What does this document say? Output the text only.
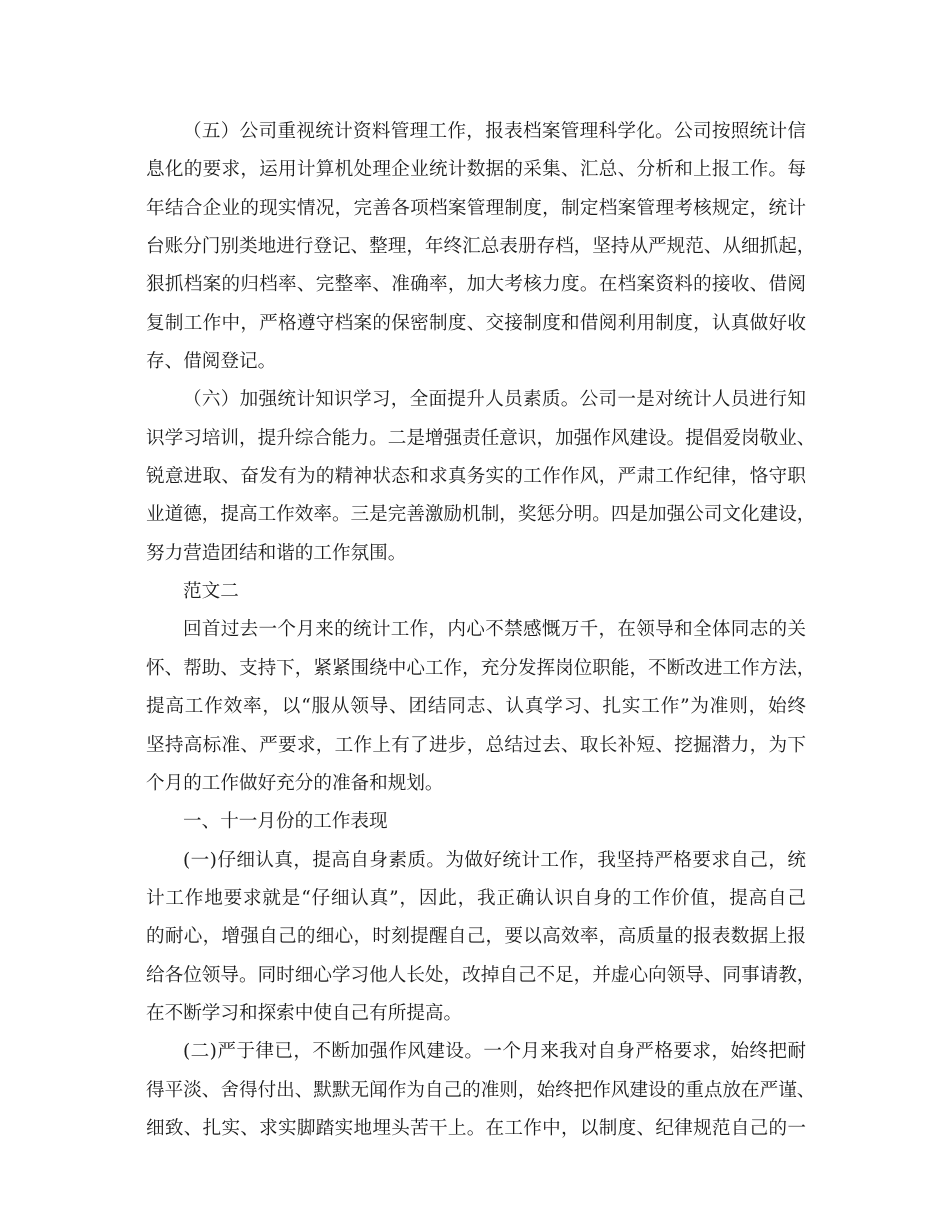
（五）公司重视统计资料管理工作，报表档案管理科学化。公司按照统计信
息化的要求，运用计算机处理企业统计数据的采集、汇总、分析和上报工作。每
年结合企业的现实情况，完善各项档案管理制度，制定档案管理考核规定，统计
台账分门别类地进行登记、整理，年终汇总表册存档，坚持从严规范、从细抓起，
狠抓档案的归档率、完整率、准确率，加大考核力度。在档案资料的接收、借阅
复制工作中，严格遵守档案的保密制度、交接制度和借阅利用制度，认真做好收
存、借阅登记。
（六）加强统计知识学习，全面提升人员素质。公司一是对统计人员进行知
识学习培训，提升综合能力。二是增强责任意识，加强作风建设。提倡爱岗敬业、
锐意进取、奋发有为的精神状态和求真务实的工作作风，严肃工作纪律，恪守职
业道德，提高工作效率。三是完善激励机制，奖惩分明。四是加强公司文化建设，
努力营造团结和谐的工作氛围。
范文二
回首过去一个月来的统计工作，内心不禁感慨万千，在领导和全体同志的关
怀、帮助、支持下，紧紧围绕中心工作，充分发挥岗位职能，不断改进工作方法，
提高工作效率，以“服从领导、团结同志、认真学习、扎实工作”为准则，始终
坚持高标准、严要求，工作上有了进步，总结过去、取长补短、挖掘潜力，为下
个月的工作做好充分的准备和规划。
一、十一月份的工作表现
(一)仔细认真，提高自身素质。为做好统计工作，我坚持严格要求自己，统
计工作地要求就是“仔细认真”，因此，我正确认识自身的工作价值，提高自己
的耐心，增强自己的细心，时刻提醒自己，要以高效率，高质量的报表数据上报
给各位领导。同时细心学习他人长处，改掉自己不足，并虚心向领导、同事请教，
在不断学习和探索中使自己有所提高。
(二)严于律已，不断加强作风建设。一个月来我对自身严格要求，始终把耐
得平淡、舍得付出、默默无闻作为自己的准则，始终把作风建设的重点放在严谨、
细致、扎实、求实脚踏实地埋头苦干上。在工作中，以制度、纪律规范自己的一
